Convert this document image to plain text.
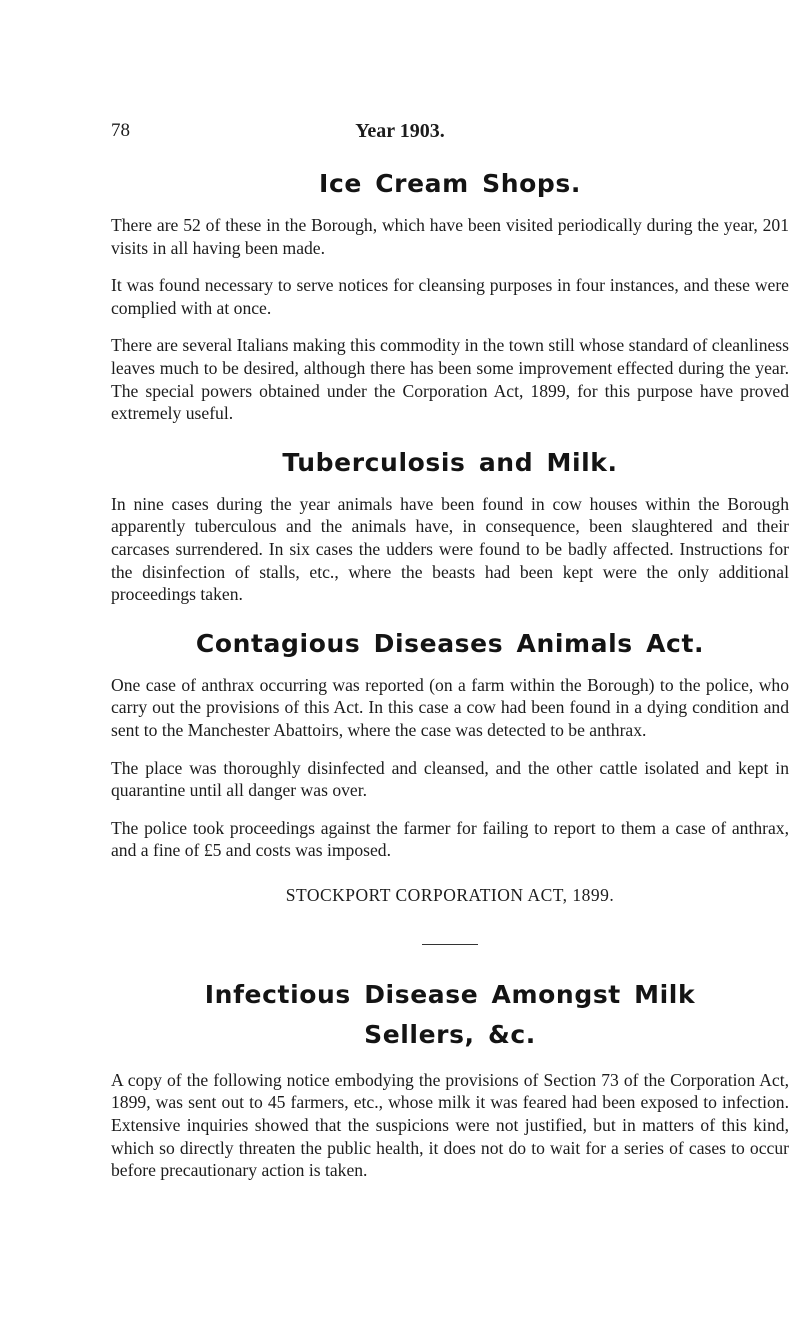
78	Year 1903.
Ice Cream Shops.

There are 52 of these in the Borough, which have been visited periodically during the year, 201 visits in all having been made.

It was found necessary to serve notices for cleansing purposes in four instances, and these were complied with at once.

There are several Italians making this commodity in the town still whose standard of cleanliness leaves much to be desired, although there has been some improvement effected during the year. The special powers obtained under the Corporation Act, 1899, for this purpose have proved extremely useful.

Tuberculosis and Milk.

In nine cases during the year animals have been found in cow houses within the Borough apparently tuberculous and the animals have, in consequence, been slaughtered and their carcases surrendered. In six cases the udders were found to be badly affected. Instructions for the disinfection of stalls, etc., where the beasts had been kept were the only additional proceedings taken.

Contagious Diseases Animals Act.

One case of anthrax occurring was reported (on a farm within the Borough) to the police, who carry out the provisions of this Act. In this case a cow had been found in a dying condition and sent to the Manchester Abattoirs, where the case was detected to be anthrax.

The place was thoroughly disinfected and cleansed, and the other cattle isolated and kept in quarantine until all danger was over.

The police took proceedings against the farmer for failing to report to them a case of anthrax, and a fine of £5 and costs was imposed.

STOCKPORT CORPORATION ACT, 1899.
Infectious Disease Amongst Milk
Sellers, &c.

A copy of the following notice embodying the provisions of Section 73 of the Corporation Act, 1899, was sent out to 45 farmers, etc., whose milk it was feared had been exposed to infection. Extensive inquiries showed that the suspicions were not justified, but in matters of this kind, which so directly threaten the public health, it does not do to wait for a series of cases to occur before precautionary action is taken.
